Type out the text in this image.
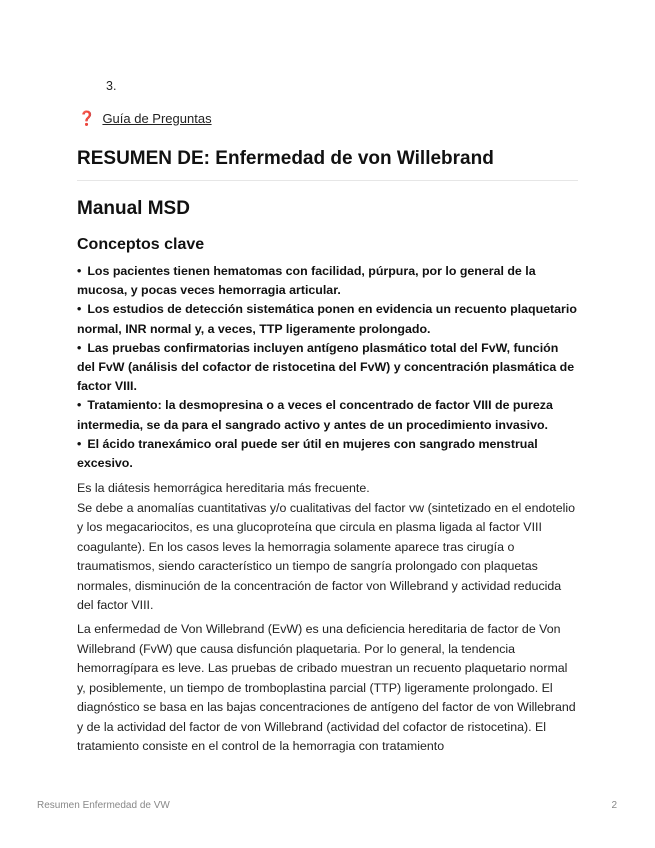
3.
❓ Guía de Preguntas
RESUMEN DE: Enfermedad de von Willebrand
Manual MSD
Conceptos clave
• Los pacientes tienen hematomas con facilidad, púrpura, por lo general de la mucosa, y pocas veces hemorragia articular.
• Los estudios de detección sistemática ponen en evidencia un recuento plaquetario normal, INR normal y, a veces, TTP ligeramente prolongado.
• Las pruebas confirmatorias incluyen antígeno plasmático total del FvW, función del FvW (análisis del cofactor de ristocetina del FvW) y concentración plasmática de factor VIII.
• Tratamiento: la desmopresina o a veces el concentrado de factor VIII de pureza intermedia, se da para el sangrado activo y antes de un procedimiento invasivo.
• El ácido tranexámico oral puede ser útil en mujeres con sangrado menstrual excesivo.
Es la diátesis hemorrágica hereditaria más frecuente.
Se debe a anomalías cuantitativas y/o cualitativas del factor vw (sintetizado en el endotelio y los megacariocitos, es una glucoproteína que circula en plasma ligada al factor VIII coagulante). En los casos leves la hemorragia solamente aparece tras cirugía o traumatismos, siendo característico un tiempo de sangría prolongado con plaquetas normales, disminución de la concentración de factor von Willebrand y actividad reducida del factor VIII.

La enfermedad de Von Willebrand (EvW) es una deficiencia hereditaria de factor de Von Willebrand (FvW) que causa disfunción plaquetaria. Por lo general, la tendencia hemorragípara es leve. Las pruebas de cribado muestran un recuento plaquetario normal y, posiblemente, un tiempo de tromboplastina parcial (TTP) ligeramente prolongado. El diagnóstico se basa en las bajas concentraciones de antígeno del factor de von Willebrand y de la actividad del factor de von Willebrand (actividad del cofactor de ristocetina). El tratamiento consiste en el control de la hemorragia con tratamiento

Resumen Enfermedad de VW	2
